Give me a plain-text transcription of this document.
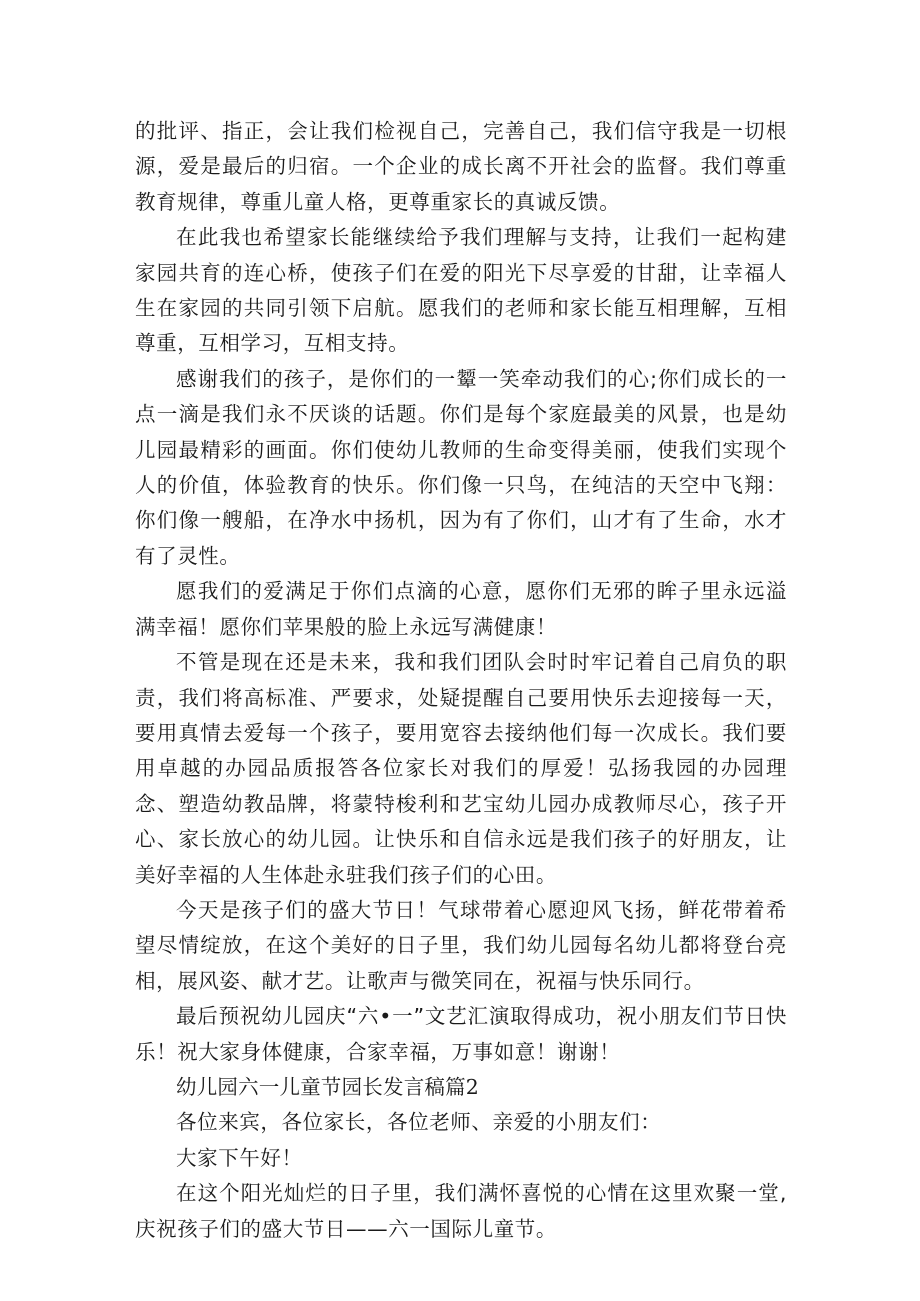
的批评、指正，会让我们检视自己，完善自己，我们信守我是一切根源，爱是最后的归宿。一个企业的成长离不开社会的监督。我们尊重教育规律，尊重儿童人格，更尊重家长的真诚反馈。

在此我也希望家长能继续给予我们理解与支持，让我们一起构建家园共育的连心桥，使孩子们在爱的阳光下尽享爱的甘甜，让幸福人生在家园的共同引领下启航。愿我们的老师和家长能互相理解，互相尊重，互相学习，互相支持。

感谢我们的孩子，是你们的一颦一笑牵动我们的心;你们成长的一点一滴是我们永不厌谈的话题。你们是每个家庭最美的风景，也是幼儿园最精彩的画面。你们使幼儿教师的生命变得美丽，使我们实现个人的价值，体验教育的快乐。你们像一只鸟，在纯洁的天空中飞翔：你们像一艘船，在净水中扬机，因为有了你们，山才有了生命，水才有了灵性。

愿我们的爱满足于你们点滴的心意，愿你们无邪的眸子里永远溢满幸福！愿你们苹果般的脸上永远写满健康！

不管是现在还是未来，我和我们团队会时时牢记着自己肩负的职责，我们将高标准、严要求，处疑提醒自己要用快乐去迎接每一天，要用真情去爱每一个孩子，要用宽容去接纳他们每一次成长。我们要用卓越的办园品质报答各位家长对我们的厚爱！弘扬我园的办园理念、塑造幼教品牌，将蒙特梭利和艺宝幼儿园办成教师尽心，孩子开心、家长放心的幼儿园。让快乐和自信永远是我们孩子的好朋友，让美好幸福的人生体赴永驻我们孩子们的心田。

今天是孩子们的盛大节日！气球带着心愿迎风飞扬，鲜花带着希望尽情绽放，在这个美好的日子里，我们幼儿园每名幼儿都将登台亮相，展风姿、献才艺。让歌声与微笑同在，祝福与快乐同行。

最后预祝幼儿园庆“六•一”文艺汇演取得成功，祝小朋友们节日快乐！祝大家身体健康，合家幸福，万事如意！谢谢！

幼儿园六一儿童节园长发言稿篇2

各位来宾，各位家长，各位老师、亲爱的小朋友们：

大家下午好！

在这个阳光灿烂的日子里，我们满怀喜悦的心情在这里欢聚一堂,庆祝孩子们的盛大节日——六一国际儿童节。
